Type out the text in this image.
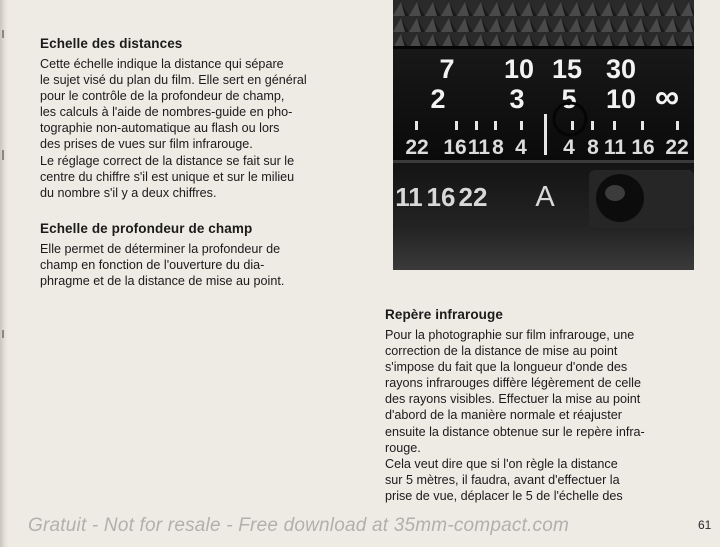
Echelle des distances

Cette échelle indique la distance qui sépare
le sujet visé du plan du film. Elle sert en général
pour le contrôle de la profondeur de champ,
les calculs à l'aide de nombres-guide en pho-
tographie non-automatique au flash ou lors
des prises de vues sur film infrarouge.
Le réglage correct de la distance se fait sur le
centre du chiffre s'il est unique et sur le milieu
du nombre s'il y a deux chiffres.

Echelle de profondeur de champ

Elle permet de déterminer la profondeur de
champ en fonction de l'ouverture du dia-
phragme et de la distance de mise au point.

7 10 15 30
2 3 5 10 ∞
22 16 11 8 4 4 8 11 16 22
11 16 22 A
Repère infrarouge

Pour la photographie sur film infrarouge, une
correction de la distance de mise au point
s'impose du fait que la longueur d'onde des
rayons infrarouges diffère légèrement de celle
des rayons visibles. Effectuer la mise au point
d'abord de la manière normale et réajuster
ensuite la distance obtenue sur le repère infra-
rouge.
Cela veut dire que si l'on règle la distance
sur 5 mètres, il faudra, avant d'effectuer la
prise de vue, déplacer le 5 de l'échelle des

Gratuit - Not for resale - Free download at 35mm-compact.com	61
